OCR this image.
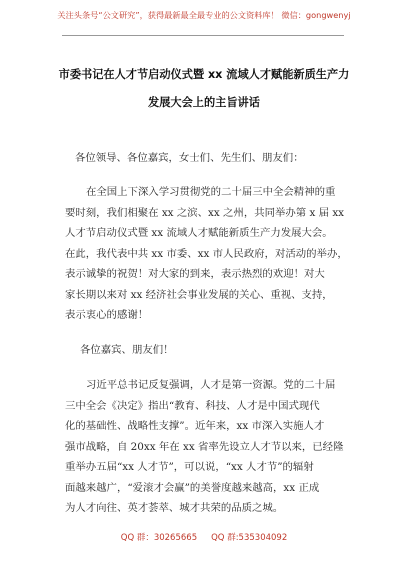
关注头条号“公文研究”，获得最新最全最专业的公文资料库！ 微信：gongwenyj
市委书记在人才节启动仪式暨 xx 流域人才赋能新质生产力
发展大会上的主旨讲话
各位领导、各位嘉宾，女士们、先生们、朋友们：
在全国上下深入学习贯彻党的二十届三中全会精神的重
要时刻，我们相聚在 xx 之滨、xx 之州，共同举办第 x 届 xx
人才节启动仪式暨 xx 流域人才赋能新质生产力发展大会。
在此，我代表中共 xx 市委、xx 市人民政府，对活动的举办，
表示诚挚的祝贺！对大家的到来，表示热烈的欢迎！对大
家长期以来对 xx 经济社会事业发展的关心、重视、支持，
表示衷心的感谢！
各位嘉宾、朋友们！
习近平总书记反复强调，人才是第一资源。党的二十届
三中全会《决定》指出“教育、科技、人才是中国式现代
化的基础性、战略性支撑”。近年来，xx 市深入实施人才
强市战略，自 20xx 年在 xx 省率先设立人才节以来，已经隆
重举办五届“xx 人才节”，可以说，“xx 人才节”的辐射
面越来越广，“爱滚才会赢”的美誉度越来越高，xx 正成
为人才向往、英才荟萃、城才共荣的品质之城。
QQ 群：30265665 QQ 群:535304092
